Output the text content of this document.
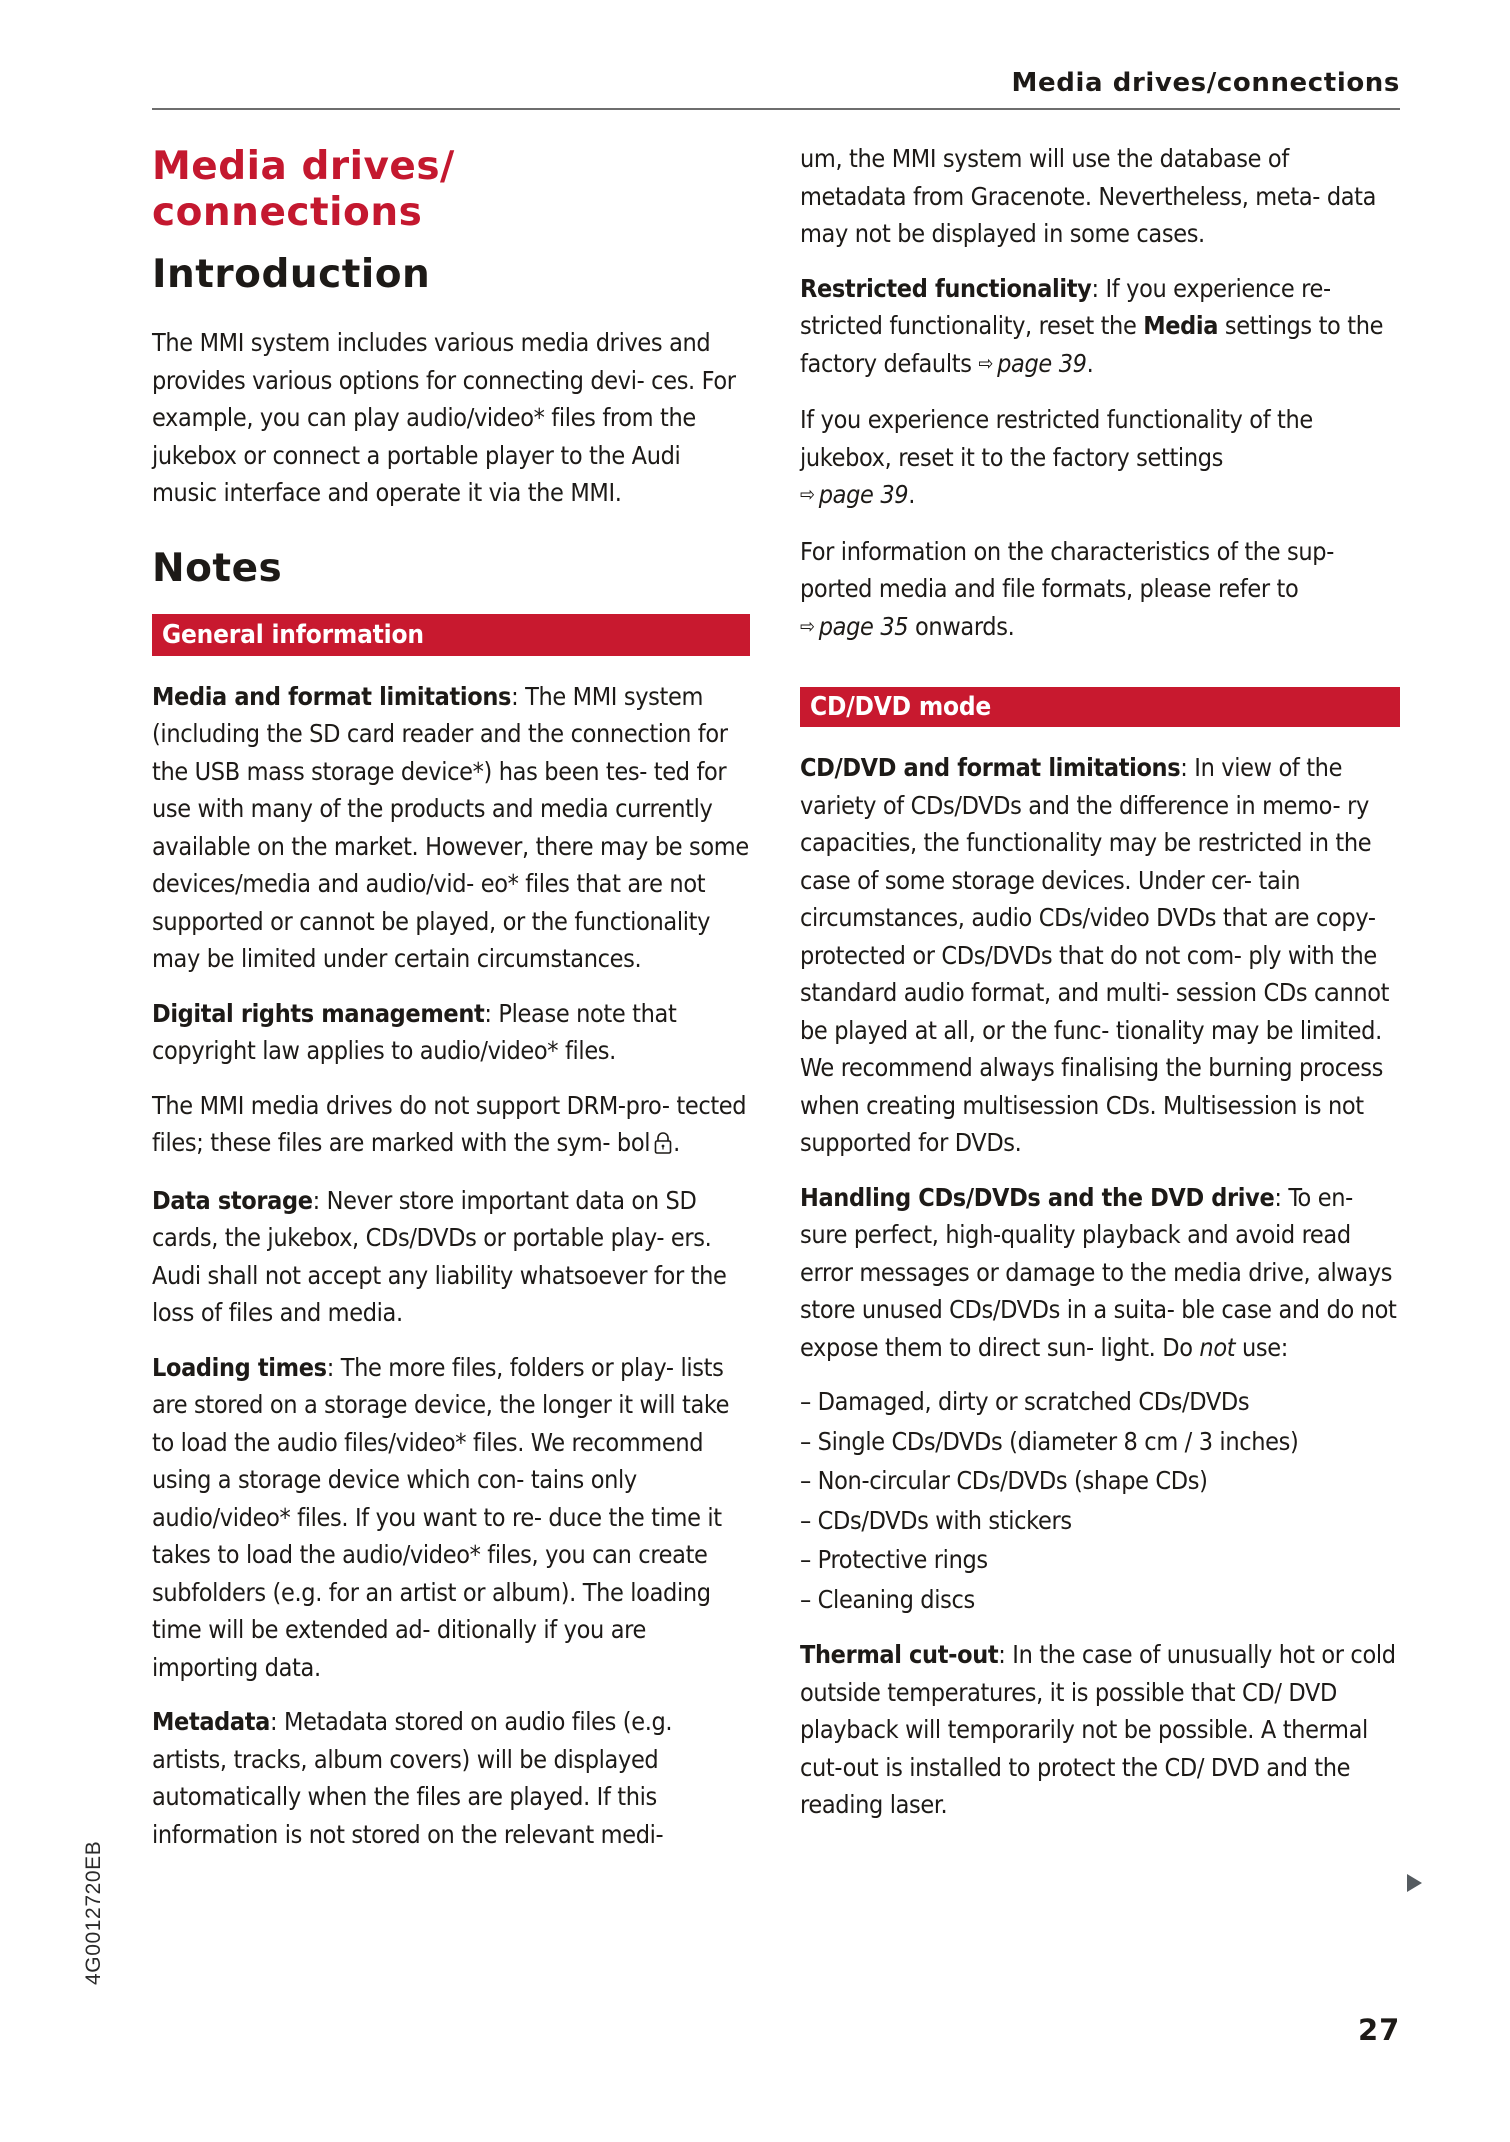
Media drives/connections
Media drives/
connections
Introduction

The MMI system includes various media drives and provides various options for connecting devi- ces. For example, you can play audio/video* files from the jukebox or connect a portable player to the Audi music interface and operate it via the MMI.

Notes
General information

Media and format limitations: The MMI system (including the SD card reader and the connection for the USB mass storage device*) has been tes- ted for use with many of the products and media currently available on the market. However, there may be some devices/media and audio/vid- eo* files that are not supported or cannot be played, or the functionality may be limited under certain circumstances.

Digital rights management: Please note that copyright law applies to audio/video* files.

The MMI media drives do not support DRM-pro- tected files; these files are marked with the sym- bol .

Data storage: Never store important data on SD cards, the jukebox, CDs/DVDs or portable play- ers. Audi shall not accept any liability whatsoever for the loss of files and media.

Loading times: The more files, folders or play- lists are stored on a storage device, the longer it will take to load the audio files/video* files. We recommend using a storage device which con- tains only audio/video* files. If you want to re- duce the time it takes to load the audio/video* files, you can create subfolders (e.g. for an artist or album). The loading time will be extended ad- ditionally if you are importing data.

Metadata: Metadata stored on audio files (e.g. artists, tracks, album covers) will be displayed automatically when the files are played. If this information is not stored on the relevant medi-

um, the MMI system will use the database of metadata from Gracenote. Nevertheless, meta- data may not be displayed in some cases.

Restricted functionality: If you experience re- stricted functionality, reset the Media settings to the factory defaults ⇨ page 39.

If you experience restricted functionality of the jukebox, reset it to the factory settings
⇨ page 39.

For information on the characteristics of the sup- ported media and file formats, please refer to
⇨ page 35 onwards.

CD/DVD mode

CD/DVD and format limitations: In view of the variety of CDs/DVDs and the difference in memo- ry capacities, the functionality may be restricted in the case of some storage devices. Under cer- tain circumstances, audio CDs/video DVDs that are copy-protected or CDs/DVDs that do not com- ply with the standard audio format, and multi- session CDs cannot be played at all, or the func- tionality may be limited. We recommend always finalising the burning process when creating multisession CDs. Multisession is not supported for DVDs.

Handling CDs/DVDs and the DVD drive: To en- sure perfect, high-quality playback and avoid read error messages or damage to the media drive, always store unused CDs/DVDs in a suita- ble case and do not expose them to direct sun- light. Do not use:

– Damaged, dirty or scratched CDs/DVDs
– Single CDs/DVDs (diameter 8 cm / 3 inches)
– Non-circular CDs/DVDs (shape CDs)
– CDs/DVDs with stickers
– Protective rings
– Cleaning discs

Thermal cut-out: In the case of unusually hot or cold outside temperatures, it is possible that CD/ DVD playback will temporarily not be possible. A thermal cut-out is installed to protect the CD/ DVD and the reading laser.

27
4G0012720EB
